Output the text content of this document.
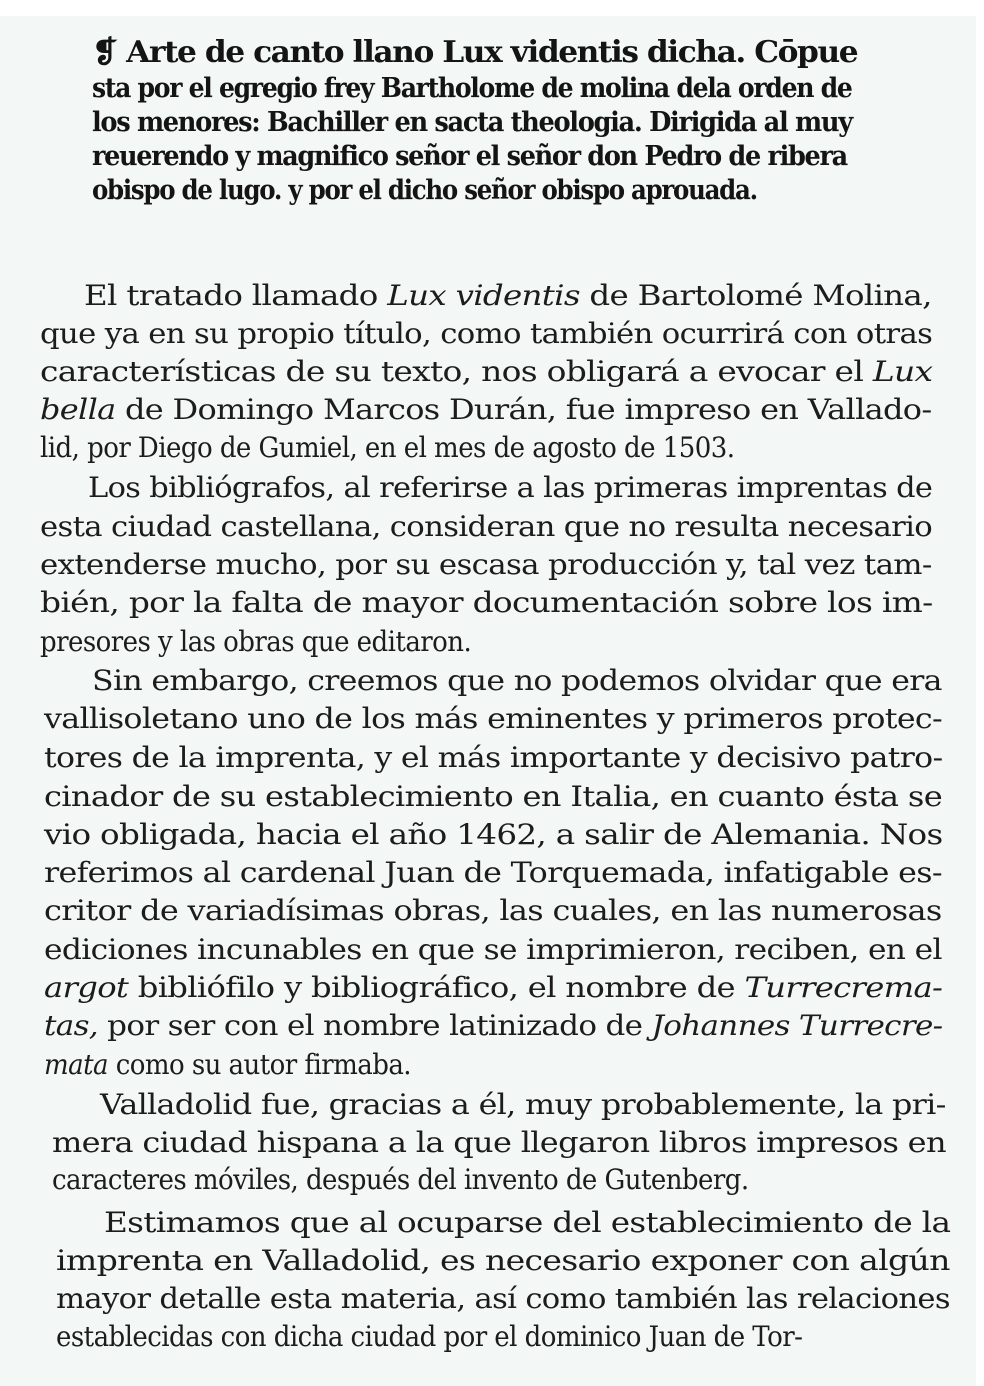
❡ Arte de canto llano Lux videntis dicha. Cōpue
sta por el egregio frey Bartholome de molina dela orden de
los menores: Bachiller en sacta theologia. Dirigida al muy
reuerendo y magnifico señor el señor don Pedro de ribera
obispo de lugo. y por el dicho señor obispo aprouada.
El tratado llamado Lux videntis de Bartolomé Molina,
que ya en su propio título, como también ocurrirá con otras
características de su texto, nos obligará a evocar el Lux
bella de Domingo Marcos Durán, fue impreso en Vallado-
lid, por Diego de Gumiel, en el mes de agosto de 1503.
Los bibliógrafos, al referirse a las primeras imprentas de
esta ciudad castellana, consideran que no resulta necesario
extenderse mucho, por su escasa producción y, tal vez tam-
bién, por la falta de mayor documentación sobre los im-
presores y las obras que editaron.
Sin embargo, creemos que no podemos olvidar que era
vallisoletano uno de los más eminentes y primeros protec-
tores de la imprenta, y el más importante y decisivo patro-
cinador de su establecimiento en Italia, en cuanto ésta se
vio obligada, hacia el año 1462, a salir de Alemania. Nos
referimos al cardenal Juan de Torquemada, infatigable es-
critor de variadísimas obras, las cuales, en las numerosas
ediciones incunables en que se imprimieron, reciben, en el
argot bibliófilo y bibliográfico, el nombre de Turrecrema-
tas, por ser con el nombre latinizado de Johannes Turrecre-
mata como su autor firmaba.
Valladolid fue, gracias a él, muy probablemente, la pri-
mera ciudad hispana a la que llegaron libros impresos en
caracteres móviles, después del invento de Gutenberg.
Estimamos que al ocuparse del establecimiento de la
imprenta en Valladolid, es necesario exponer con algún
mayor detalle esta materia, así como también las relaciones
establecidas con dicha ciudad por el dominico Juan de Tor-
